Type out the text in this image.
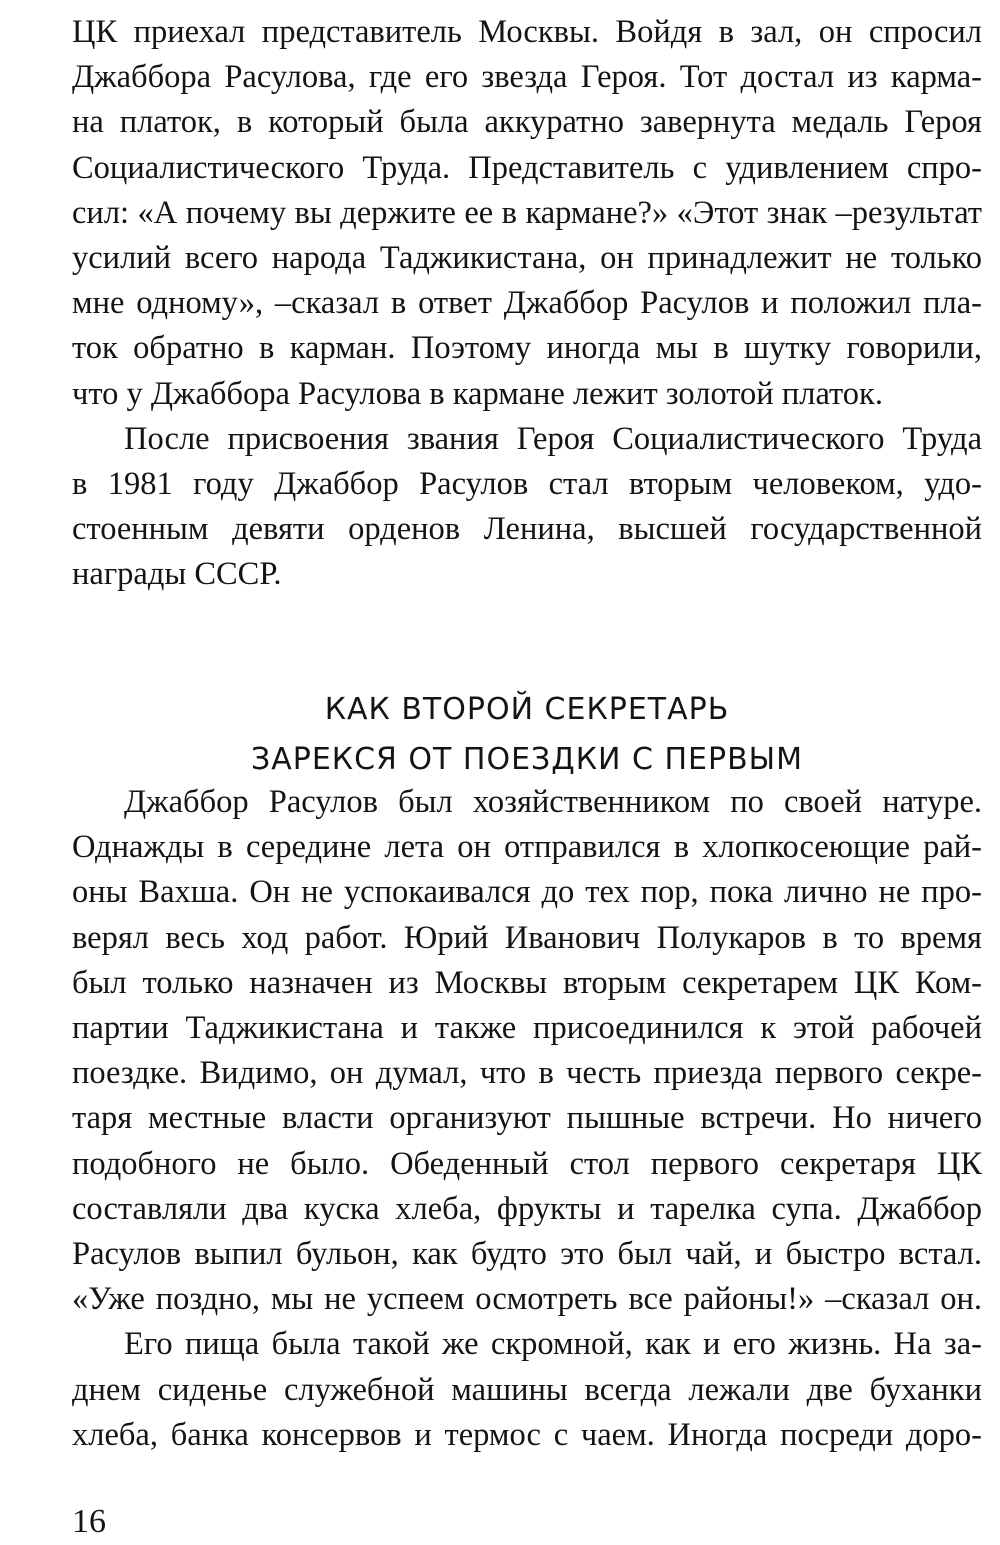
ЦК приехал представитель Москвы. Войдя в зал, он спросил
Джаббора Расулова, где его звезда Героя. Тот достал из карма-
на платок, в который была аккуратно завернута медаль Героя
Социалистического Труда. Представитель с удивлением спро-
сил: «А почему вы держите ее в кармане?» «Этот знак –результат
усилий всего народа Таджикистана, он принадлежит не только
мне одному», –сказал в ответ Джаббор Расулов и положил пла-
ток обратно в карман. Поэтому иногда мы в шутку говорили,
что у Джаббора Расулова в кармане лежит золотой платок.

После присвоения звания Героя Социалистического Труда
в 1981 году Джаббор Расулов стал вторым человеком, удо-
стоенным девяти орденов Ленина, высшей государственной
награды СССР.

КАК ВТОРОЙ СЕКРЕТАРЬ
ЗАРЕКСЯ ОТ ПОЕЗДКИ С ПЕРВЫМ

Джаббор Расулов был хозяйственником по своей натуре.
Однажды в середине лета он отправился в хлопкосеющие рай-
оны Вахша. Он не успокаивался до тех пор, пока лично не про-
верял весь ход работ. Юрий Иванович Полукаров в то время
был только назначен из Москвы вторым секретарем ЦК Ком-
партии Таджикистана и также присоединился к этой рабочей
поездке. Видимо, он думал, что в честь приезда первого секре-
таря местные власти организуют пышные встречи. Но ничего
подобного не было. Обеденный стол первого секретаря ЦК
составляли два куска хлеба, фрукты и тарелка супа. Джаббор
Расулов выпил бульон, как будто это был чай, и быстро встал.
«Уже поздно, мы не успеем осмотреть все районы!» –сказал он.

Его пища была такой же скромной, как и его жизнь. На за-
днем сиденье служебной машины всегда лежали две буханки
хлеба, банка консервов и термос с чаем. Иногда посреди доро-

16
